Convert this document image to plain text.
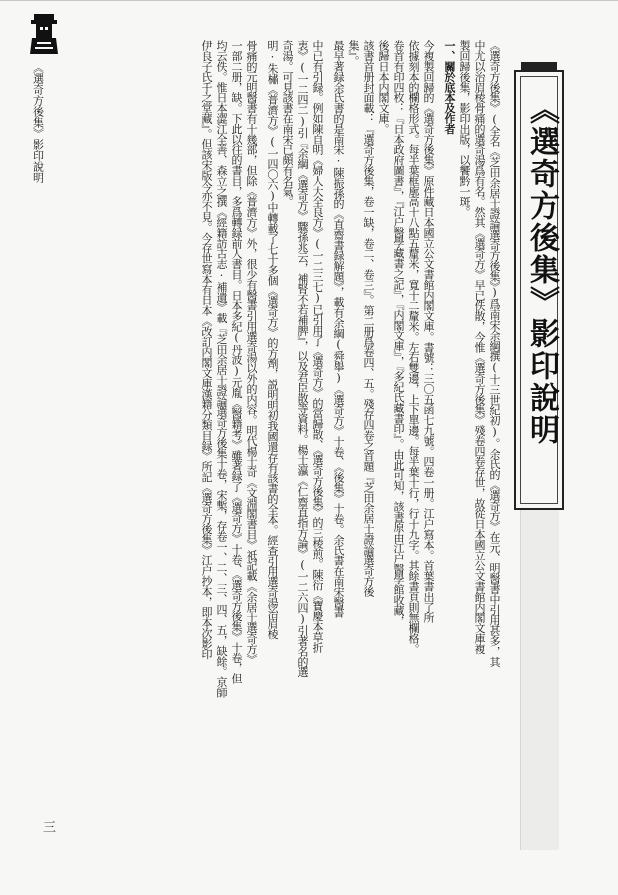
《選奇方後集》影印說明	《選奇方後集》(全名《芝田余居士證論選奇方後集》)爲南宋余綱撰(十三世紀初)。余氏的《選奇方》在元、明醫書中引用甚多，其
中尤以治眉棱骨痛的選奇湯爲有名。然其《選奇方》早已佚散，今惟《選奇方後集》殘卷四卷存世，故從日本國立公文書館内閣文庫複
製回歸後集，影印出版，以饗黔一斑。
一、關於底本及作者
今複製回歸的《選奇方後集》原件藏日本國立公文書館内閣文庫。書號：三〇五函七九號。四卷一册。江户寫本。首葉書出了所
依據刻本的欄格形式。每半葉框廓高十八點五釐米，寬十二釐米。左右雙邊，上下單邊。每半葉十行，行十九字。其餘書頁則無欄格。
卷首有印四枚：『日本政府圖書』，『江户醫學藏書之記』，『内閣文庫』，『多紀氏藏書印』。由此可知，該書原由江户醫學館收藏，
後歸日本内閣文庫。
該書首册封面載：『選奇方後集，卷一缺，卷二、卷三』。第二册爲卷四、五。殘存四卷之首題『芝田余居士證論選奇方後
集』。
最早著録余氏書的是南宋·陳振孫的《直齋書録解題》，載有余綱(舜舉)《選奇方》十卷、《後集》十卷。余氏書在南宋醫書
中已有引録。例如陳自明《婦人大全良方》(一二三七)已引用了《選奇方》的當歸散、《選奇方後集》的三棱煎。陳衍《寶慶本草折
衷》(一二四二)引『余綱《選奇方》驟孫兆云，補腎不若補脾』，以及君臣散等資料。楊士瀛《仁齋直指方論》(一二六四)引著名的選
奇湯。可見該書在南宋已頗有名氣。
明·朱橚《普濟方》(一四〇六)中轉載了七十多個《選奇方》的方劑，説明明初我國還存有該書的全本。經查引用選奇湯治眉棱
骨痛的元明醫書有十幾部，但除《普濟方》外，很少有醫書引用選奇湯以外的内容。明代楊士奇《文淵閣書目》祗記載《余居士選奇方》
一部二册，缺。下此以往的書目，多爲轉録前人書目。日本多紀(丹波)元胤《醫籍考》雖著録了《選奇方》十卷、《選奇方後集》十卷，但
均云佚。惟日本澀江全善、森立之撰《經籍訪古志·補遺》載『芝田余居士證論選奇方後集十卷，宋槧，存卷一、二、三、四、五，缺餘。京師
伊良子氏千之堂藏』。但該宋版今亦不見。今存世寫本有日本《改訂内閣文庫漢籍分類目録》所記《選奇方後集》江户抄本，即本次影印	《選奇方後集》影印說明
三
